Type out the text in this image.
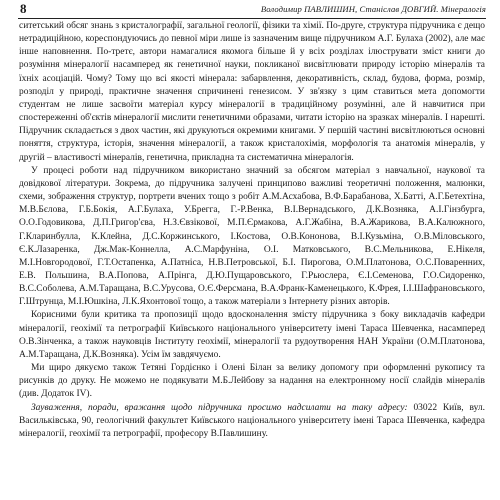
8	Володимир ПАВЛИШИН, Станіслав ДОВГИЙ. Мінералогія

ситетський обсяг знань з кристалографії, загальної геології, фізики та хімії. По-друге, структура підручника є дещо нетрадиційною, кореспондуючись до певної міри лише із зазначеним вище підручником А.Г. Булаха (2002), але має інше наповнення. По-третє, автори намагалися якомога більше й у всіх розділах ілюструвати зміст книги до розуміння мінералогії насамперед як генетичної науки, покликаної висвітлювати природу історію мінералів та їхніх асоціацій. Чому? Тому що всі якості мінерала: забарвлення, декоративність, склад, будова, форма, розмір, розподіл у природі, практичне значення спричинені генезисом. У зв'язку з цим ставиться мета допомогти студентам не лише засвоїти матеріал курсу мінералогії в традиційному розумінні, але й навчитися при спостереженні об'єктів мінералогії мислити генетичними образами, читати історію на зразках мінералів. І нарешті. Підручник складається з двох частин, які друкуються окремими книгами. У першій частині висвітлюються основні поняття, структура, історія, значення мінералогії, а також кристалохімія, морфологія та анатомія мінералів, у другій – властивості мінералів, генетична, прикладна та систематична мінералогія.

У процесі роботи над підручником використано значний за обсягом матеріал з навчальної, наукової та довідкової літератури. Зокрема, до підручника залучені принципово важливі теоретичні положення, малюнки, схеми, зображення структур, портрети вчених тощо з робіт А.М.Асхабова, В.Ф.Барабанова, Х.Батті, А.Г.Бетехтіна, М.В.Бєлова, Г.Б.Бокія, А.Г.Булаха, У.Брегга, Г.-Р.Венка, В.І.Вернадського, Д.К.Вознякa, А.І.Гінзбурга, О.О.Годовикова, Д.П.Григор'єва, Н.З.Євзікової, М.П.Єрмакова, А.Г.Жабіна, В.А.Жарикова, В.А.Калюжного, Г.Кларинбулла, К.Клейна, Д.С.Коржинського, І.Костова, О.В.Кононова, В.І.Кузьміна, О.В.Міловського, Є.К.Лазаренка, Дж.Мак-Коннелла, А.С.Марфуніна, О.І. Матковського, В.С.Мельникова, Е.Нікеля, М.І.Новгородової, Г.Т.Остапенка, А.Патніса, Н.В.Петровської, Б.І. Пирогова, О.М.Платонова, О.С.Поваренних, Е.В. Польшина, В.А.Попова, А.Прінга, Д.Ю.Пущаровського, Г.Рьюслера, Є.І.Семенова, Г.О.Сидоренко, В.С.Соболева, А.М.Таращана, В.С.Урусова, О.Є.Ферсмана, В.А.Франк-Каменецького, К.Фрея, І.І.Шафрановського, Г.Штрунца, М.І.Юшкіна, Л.К.Яхонтової тощо, а також матеріали з Інтернету різних авторів.

Корисними були критика та пропозиції щодо вдосконалення змісту підручника з боку викладачів кафедри мінералогії, геохімії та петрографії Київського національного університету імені Тараса Шевченка, насамперед О.В.Зінченка, а також науковців Інституту геохімії, мінералогії та рудоутворення НАН України (О.М.Платонова, А.М.Таращана, Д.К.Вознякa). Усім їм завдячуємо.

Ми щиро дякуємо також Тетяні Гордієнко і Олені Білан за велику допомогу при оформленні рукопису та рисунків до друку. Не можемо не подякувати М.Б.Лейбову за надання на електронному носії слайдів мінералів (див. Додаток IV).

Зауваження, поради, вражання щодо підручника просимо надсилати на таку адресу: 03022 Київ, вул. Васильківська, 90, геологічний факультет Київського національного університету імені Тараса Шевченка, кафедра мінералогії, геохімії та петрографії, професору В.Павлишину.
